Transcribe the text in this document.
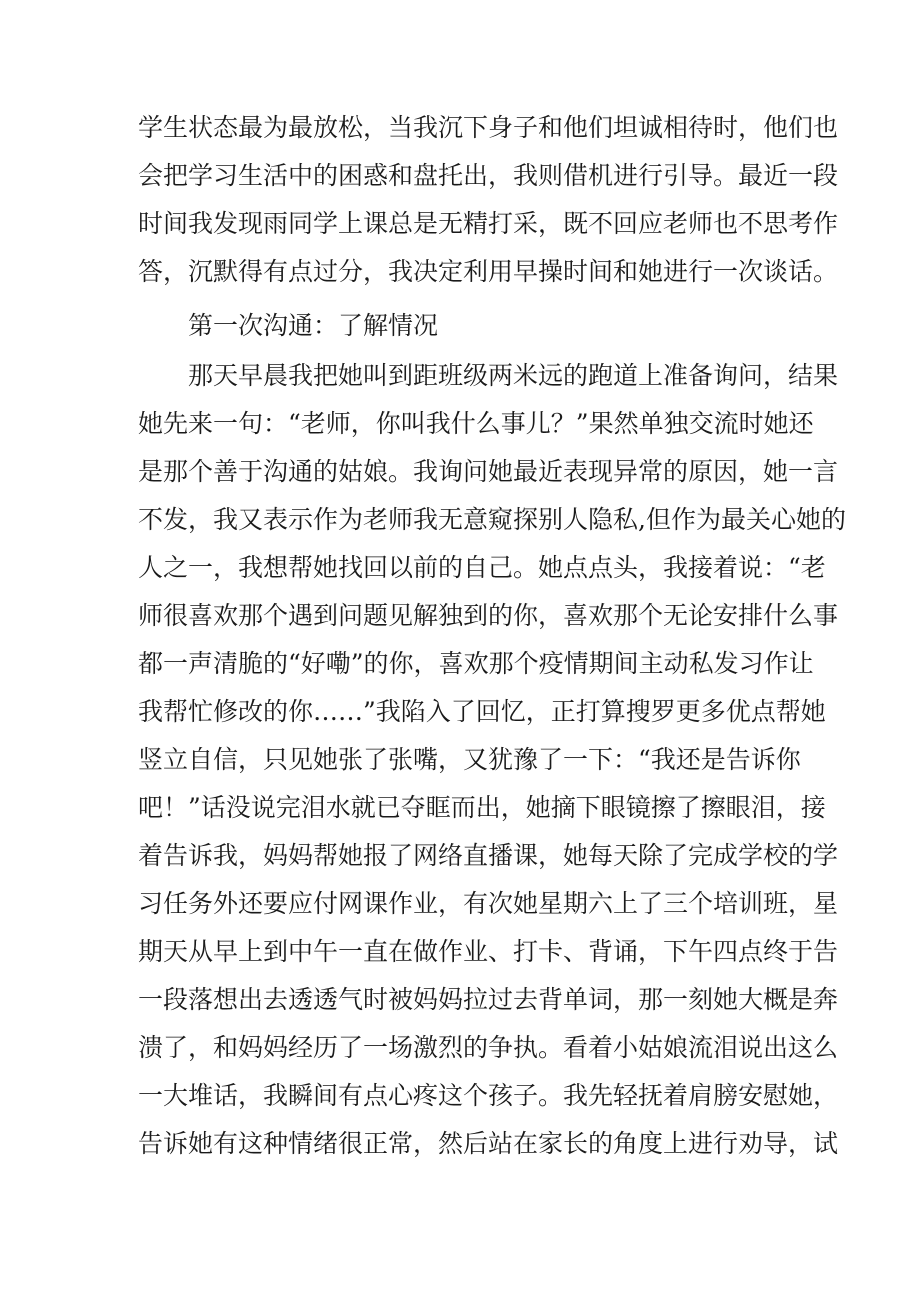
学生状态最为最放松，当我沉下身子和他们坦诚相待时，他们也
会把学习生活中的困惑和盘托出，我则借机进行引导。最近一段
时间我发现雨同学上课总是无精打采，既不回应老师也不思考作
答，沉默得有点过分，我决定利用早操时间和她进行一次谈话。
第一次沟通：了解情况
那天早晨我把她叫到距班级两米远的跑道上准备询问，结果
她先来一句：“老师，你叫我什么事儿？”果然单独交流时她还
是那个善于沟通的姑娘。我询问她最近表现异常的原因，她一言
不发，我又表示作为老师我无意窥探别人隐私,但作为最关心她的
人之一，我想帮她找回以前的自己。她点点头，我接着说：“老
师很喜欢那个遇到问题见解独到的你，喜欢那个无论安排什么事
都一声清脆的“好嘞”的你，喜欢那个疫情期间主动私发习作让
我帮忙修改的你……”我陷入了回忆，正打算搜罗更多优点帮她
竖立自信，只见她张了张嘴，又犹豫了一下：“我还是告诉你
吧！”话没说完泪水就已夺眶而出，她摘下眼镜擦了擦眼泪，接
着告诉我，妈妈帮她报了网络直播课，她每天除了完成学校的学
习任务外还要应付网课作业，有次她星期六上了三个培训班，星
期天从早上到中午一直在做作业、打卡、背诵，下午四点终于告
一段落想出去透透气时被妈妈拉过去背单词，那一刻她大概是奔
溃了，和妈妈经历了一场激烈的争执。看着小姑娘流泪说出这么
一大堆话，我瞬间有点心疼这个孩子。我先轻抚着肩膀安慰她，
告诉她有这种情绪很正常，然后站在家长的角度上进行劝导，试
